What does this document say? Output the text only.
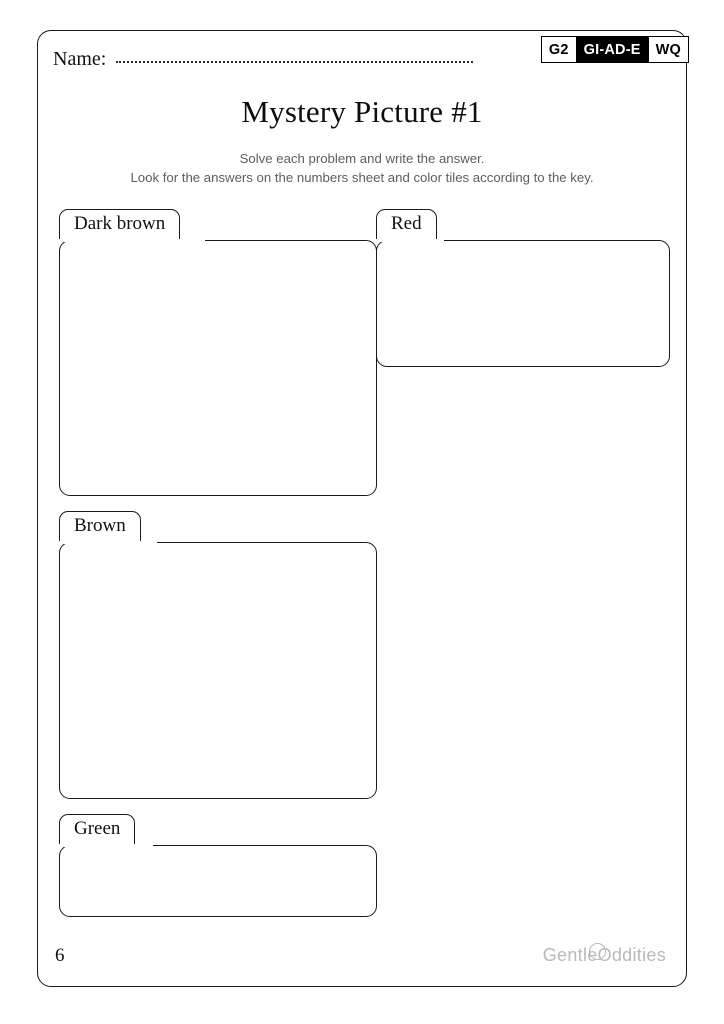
G2	GI-AD-E	WQ
Name:
Mystery Picture #1
Solve each problem and write the answer.
Look for the answers on the numbers sheet and color tiles according to the key.
Dark brown	Red
Brown
Green
6	Gentle Oddities
